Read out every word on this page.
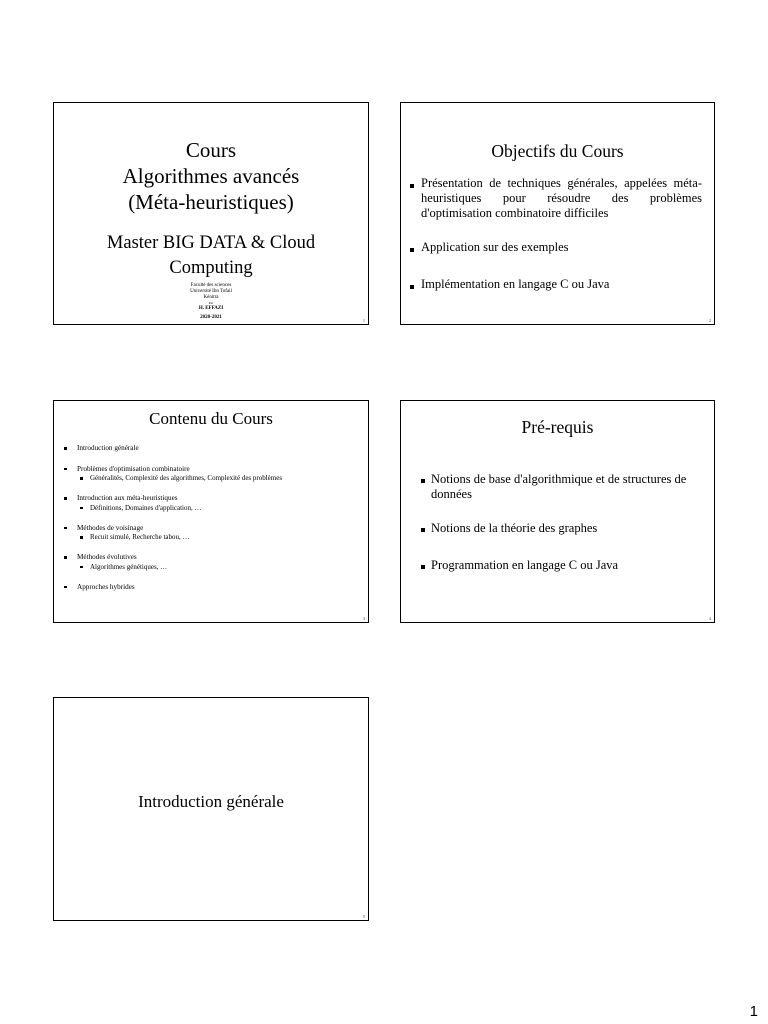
Cours
Algorithmes avancés
(Méta-heuristiques)
Master BIG DATA & Cloud
Computing
Faculté des sciences
Université Ibn Tofail
Kénitra
Par
H. EFFAZI
2020-2021
1
Objectifs du Cours
Présentation de techniques générales, appelées méta-heuristiques pour résoudre des problèmes d'optimisation combinatoire difficiles
Application sur des exemples
Implémentation en langage C ou Java
2
Contenu du Cours
Introduction générale
Problèmes d'optimisation combinatoire
Généralités, Complexité des algorithmes, Complexité des problèmes
Introduction aux méta-heuristiques
Définitions, Domaines d'application, …
Méthodes de voisinage
Recuit simulé, Recherche tabou, …
Méthodes évolutives
Algorithmes génétiques, …
Approches hybrides
3
Pré-requis
Notions de base d'algorithmique et de structures de données
Notions de la théorie des graphes
Programmation en langage C ou Java
4
Introduction générale
5
1
